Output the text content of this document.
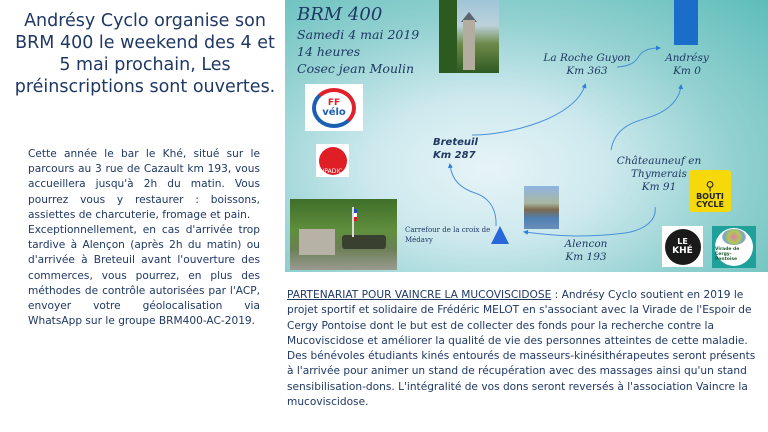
Andrésy Cyclo organise son BRM 400 le weekend des 4 et 5 mai prochain, Les préinscriptions sont ouvertes.

Cette année le bar le Khé, situé sur le parcours au 3 rue de Cazault km 193, vous accueillera jusqu'à 2h du matin. Vous pourrez vous y restaurer : boissons, assiettes de charcuterie, fromage et pain.

Exceptionnellement, en cas d'arrivée trop tardive à Alençon (après 2h du matin) ou d'arrivée à Breteuil avant l'ouverture des commerces, vous pourrez, en plus des méthodes de contrôle autorisées par l'ACP, envoyer votre géolocalisation via WhatsApp sur le groupe BRM400-AC-2019.

BRM 400
Samedi 4 mai 2019
14 heures
Cosec jean Moulin
FF
vélo
IPADIC
La Roche Guyon
Km 363
Andrésy
Km 0
Breteuil
Km 287	Châteauneuf en Thymerais
Km 91
Alencon
Km 193
Carrefour de la croix de Médavy
⚲
BOUTI
CYCLE
LE
KHÉ	Virade de Cergy-Pontoise
PARTENARIAT POUR VAINCRE LA MUCOVISCIDOSE : Andrésy Cyclo soutient en 2019 le projet sportif et solidaire de Frédéric MELOT en s'associant avec la Virade de l'Espoir de Cergy Pontoise dont le but est de collecter des fonds pour la recherche contre la Mucoviscidose et améliorer la qualité de vie des personnes atteintes de cette maladie. Des bénévoles étudiants kinés entourés de masseurs-kinésithérapeutes seront présents à l'arrivée pour animer un stand de récupération avec des massages ainsi qu'un stand sensibilisation-dons. L'intégralité de vos dons seront reversés à l'association Vaincre la mucoviscidose.
